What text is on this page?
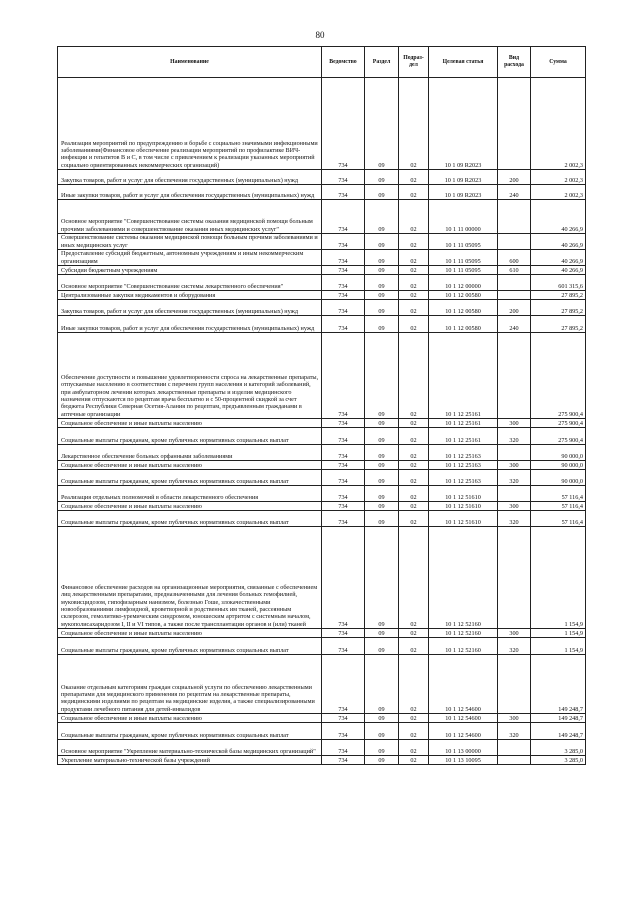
80
Наименование	Ведомство	Раздел	Подраз-дел	Целевая статья	Вид расхода	Сумма
Реализация мероприятий по предупреждению и борьбе с социально значимыми инфекционными заболеваниями(Финансовое обеспечение реализации мероприятий по профилактике ВИЧ-инфекции и гепатитов В и С, в том числе с привлечением к реализации указанных мероприятий социально ориентированных некоммерческих организаций)	734	09	02	10 1 09 R2023		2 002,3
Закупка товаров, работ и услуг для обеспечения государственных (муниципальных) нужд	734	09	02	10 1 09 R2023	200	2 002,3
Иные закупки товаров, работ и услуг для обеспечения государственных (муниципальных) нужд	734	09	02	10 1 09 R2023	240	2 002,3
Основное мероприятие "Совершенствование системы оказания медицинской помощи больным прочими заболеваниями и совершенствование оказания иных медицинских услуг"	734	09	02	10 1 11 00000		40 266,9
Совершенствование системы оказания медицинской помощи больным прочими заболеваниями и иных медицинских услуг	734	09	02	10 1 11 05095		40 266,9
Предоставление субсидий бюджетным, автономным учреждениям и иным некоммерческим организациям	734	09	02	10 1 11 05095	600	40 266,9
Субсидии бюджетным учреждениям	734	09	02	10 1 11 05095	610	40 266,9
Основное мероприятие "Совершенствование системы лекарственного обеспечения"	734	09	02	10 1 12 00000		601 315,6
Централизованные закупки медикаментов и оборудования	734	09	02	10 1 12 00580		27 895,2
Закупка товаров, работ и услуг для обеспечения государственных (муниципальных) нужд	734	09	02	10 1 12 00580	200	27 895,2
Иные закупки товаров, работ и услуг для обеспечения государственных (муниципальных) нужд	734	09	02	10 1 12 00580	240	27 895,2
Обеспечение доступности и повышение удовлетворенности спроса на лекарственные препараты, отпускаемые населению в соответствии с перечнем групп населения и категорий заболеваний, при амбулаторном лечении которых лекарственные препараты и изделия медицинского назначения отпускаются по рецептам врача бесплатно и с 50-процентной скидкой за счет бюджета Республики Северная Осетия-Алания по рецептам, предъявленным гражданами в аптечные организации	734	09	02	10 1 12 25161		275 900,4
Социальное обеспечение и иные выплаты населению	734	09	02	10 1 12 25161	300	275 900,4
Социальные выплаты гражданам, кроме публичных нормативных социальных выплат	734	09	02	10 1 12 25161	320	275 900,4
Лекарственное обеспечение больных орфанными заболеваниями	734	09	02	10 1 12 25163		90 000,0
Социальное обеспечение и иные выплаты населению	734	09	02	10 1 12 25163	300	90 000,0
Социальные выплаты гражданам, кроме публичных нормативных социальных выплат	734	09	02	10 1 12 25163	320	90 000,0
Реализация отдельных полномочий в области лекарственного обеспечения	734	09	02	10 1 12 51610		57 116,4
Социальное обеспечение и иные выплаты населению	734	09	02	10 1 12 51610	300	57 116,4
Социальные выплаты гражданам, кроме публичных нормативных социальных выплат	734	09	02	10 1 12 51610	320	57 116,4
Финансовое обеспечение расходов на организационные мероприятия, связанные с обеспечением лиц лекарственными препаратами, предназначенными для лечения больных гемофилией, муковисцидозом, гипофизарным нанизмом, болезнью Гоше, злокачественными новообразованиями лимфоидной, кроветворной и родственных им тканей, рассеянным склерозом, гемолитико-уремическим синдромом, юношеским артритом с системным началом, мукополисахаридозом I, II и VI типов, а также после трансплантации органов и (или) тканей	734	09	02	10 1 12 52160		1 154,9
Социальное обеспечение и иные выплаты населению	734	09	02	10 1 12 52160	300	1 154,9
Социальные выплаты гражданам, кроме публичных нормативных социальных выплат	734	09	02	10 1 12 52160	320	1 154,9
Оказание отдельным категориям граждан социальной услуги по обеспечению лекарственными препаратами для медицинского применения по рецептам на лекарственные препараты, медицинскими изделиями по рецептам на медицинские изделия, а также специализированными продуктами лечебного питания для детей-инвалидов	734	09	02	10 1 12 54600		149 248,7
Социальное обеспечение и иные выплаты населению	734	09	02	10 1 12 54600	300	149 248,7
Социальные выплаты гражданам, кроме публичных нормативных социальных выплат	734	09	02	10 1 12 54600	320	149 248,7
Основное мероприятие "Укрепление материально-технической базы медицинских организаций"	734	09	02	10 1 13 00000		3 285,0
Укрепление материально-технической базы учреждений	734	09	02	10 1 13 10095		3 285,0
